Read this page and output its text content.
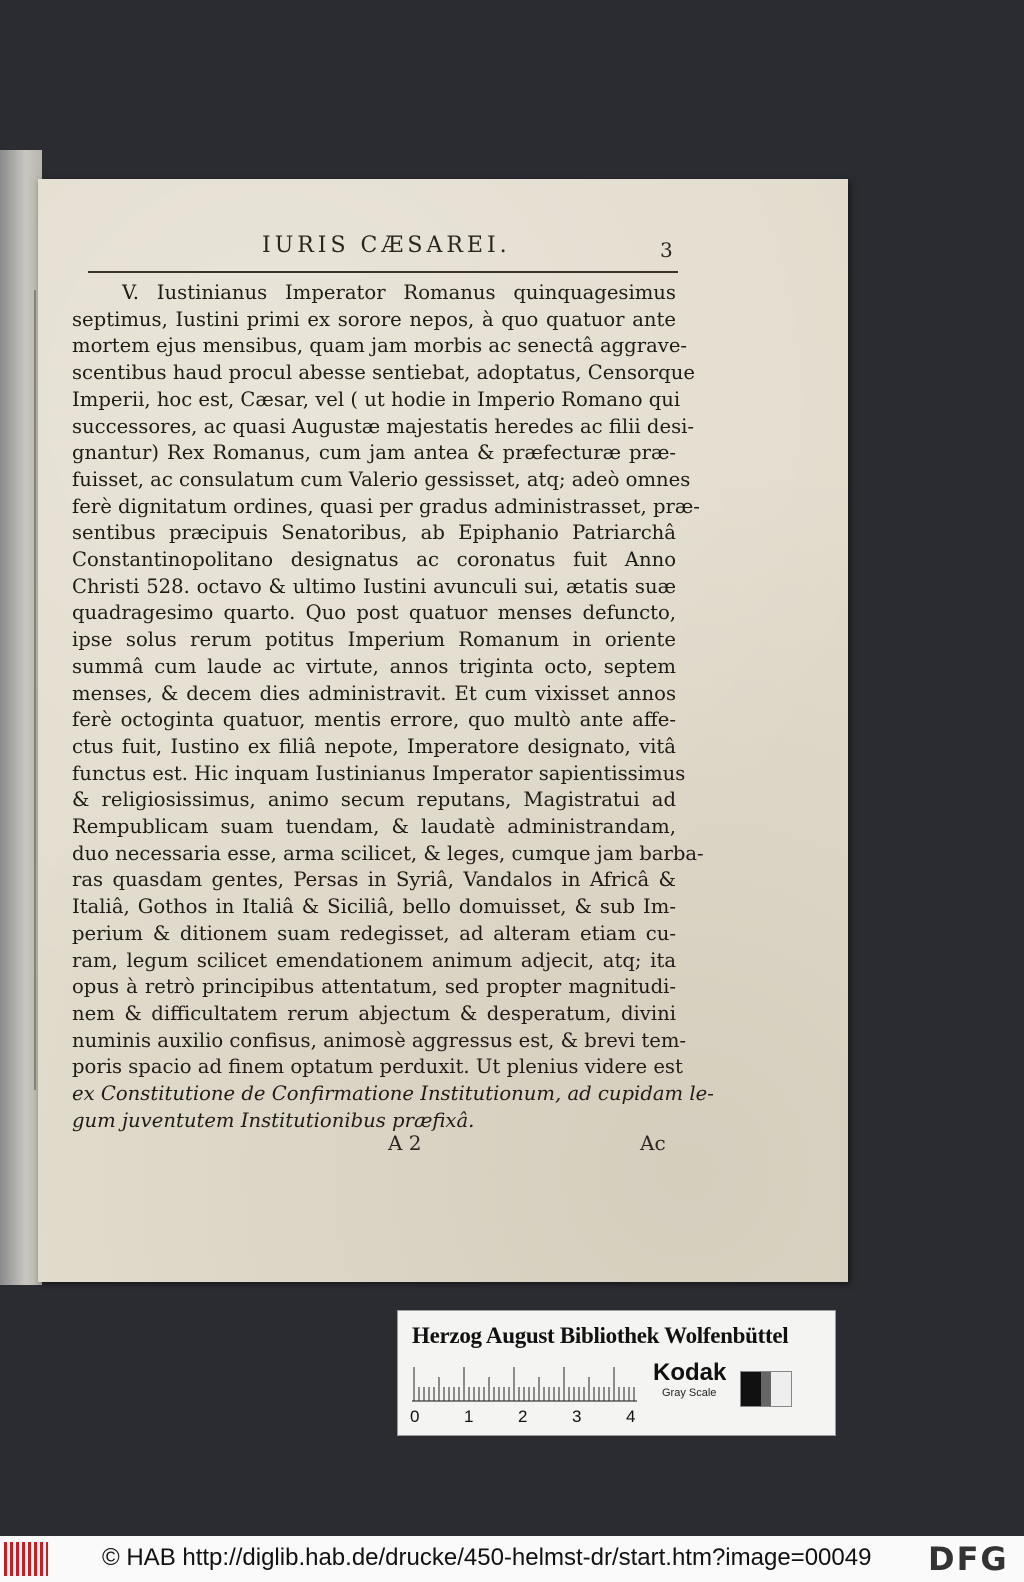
IURIS CÆSAREI.	3
V. Iustinianus Imperator Romanus quinquagesimus
septimus, Iustini primi ex sorore nepos, à quo quatuor ante
mortem ejus mensibus, quam jam morbis ac senectâ aggrave-
scentibus haud procul abesse sentiebat, adoptatus, Censorque
Imperii, hoc est, Cæsar, vel ( ut hodie in Imperio Romano qui
successores, ac quasi Augustæ majestatis heredes ac filii desi-
gnantur) Rex Romanus, cum jam antea & præfecturæ præ-
fuisset, ac consulatum cum Valerio gessisset, atq; adeò omnes
ferè dignitatum ordines, quasi per gradus administrasset, præ-
sentibus præcipuis Senatoribus, ab Epiphanio Patriarchâ
Constantinopolitano designatus ac coronatus fuit Anno
Christi 528. octavo & ultimo Iustini avunculi sui, ætatis suæ
quadragesimo quarto. Quo post quatuor menses defuncto,
ipse solus rerum potitus Imperium Romanum in oriente
summâ cum laude ac virtute, annos triginta octo, septem
menses, & decem dies administravit. Et cum vixisset annos
ferè octoginta quatuor, mentis errore, quo multò ante affe-
ctus fuit, Iustino ex filiâ nepote, Imperatore designato, vitâ
functus est. Hic inquam Iustinianus Imperator sapientissimus
& religiosissimus, animo secum reputans, Magistratui ad
Rempublicam suam tuendam, & laudatè administrandam,
duo necessaria esse, arma scilicet, & leges, cumque jam barba-
ras quasdam gentes, Persas in Syriâ, Vandalos in Africâ &
Italiâ, Gothos in Italiâ & Siciliâ, bello domuisset, & sub Im-
perium & ditionem suam redegisset, ad alteram etiam cu-
ram, legum scilicet emendationem animum adjecit, atq; ita
opus à retrò principibus attentatum, sed propter magnitudi-
nem & difficultatem rerum abjectum & desperatum, divini
numinis auxilio confisus, animosè aggressus est, & brevi tem-
poris spacio ad finem optatum perduxit. Ut plenius videre est
ex Constitutione de Confirmatione Institutionum, ad cupidam le-
gum juventutem Institutionibus præfixâ.
A 2	Ac
Herzog August Bibliothek Wolfenbüttel
0	1	2	3	4
Kodak
Gray Scale
© HAB http://diglib.hab.de/drucke/450-helmst-dr/start.htm?image=00049 DFG
